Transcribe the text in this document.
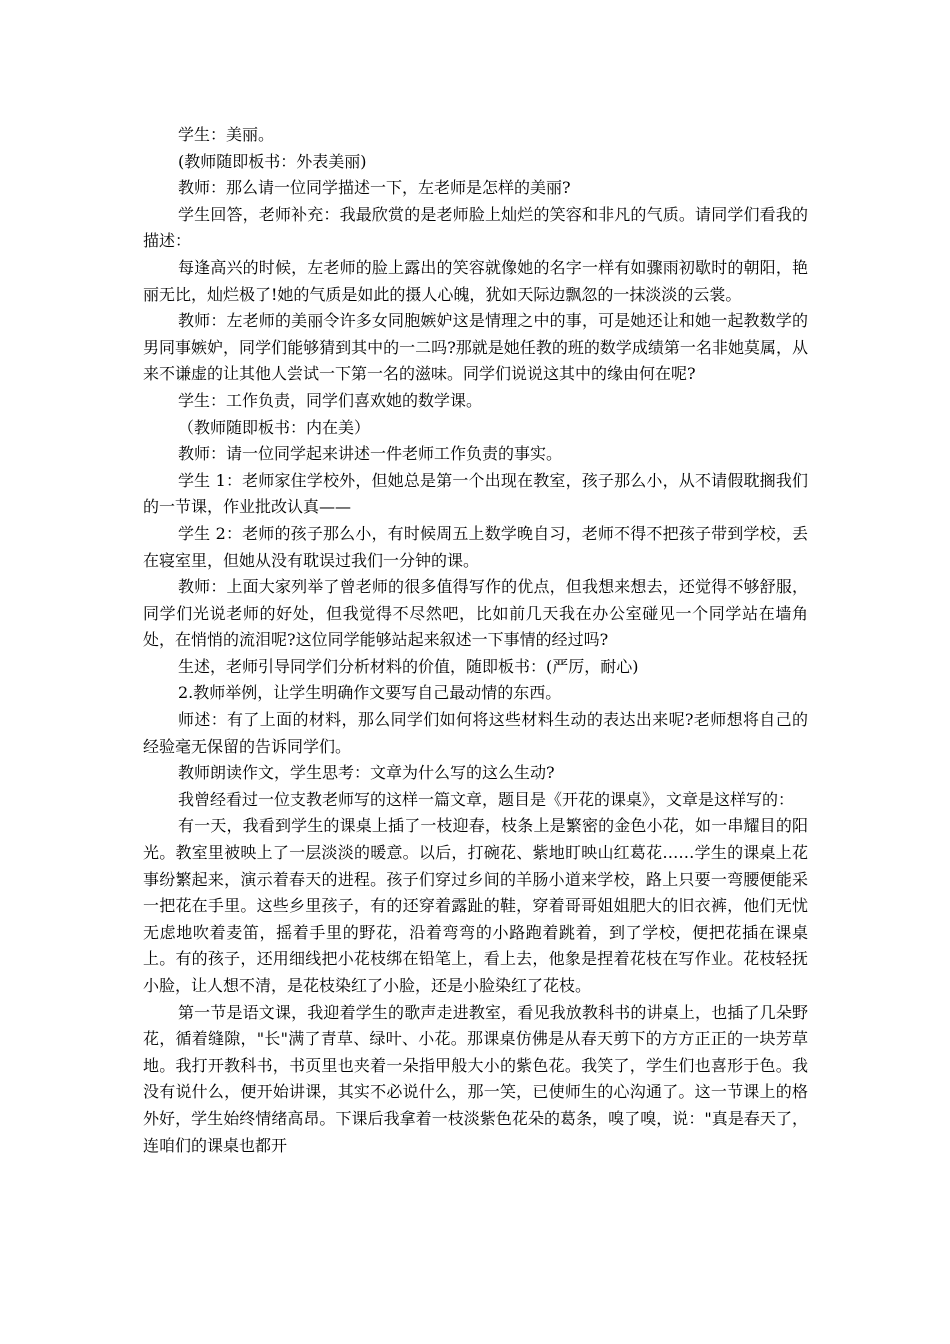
学生：美丽。

(教师随即板书：外表美丽)

教师：那么请一位同学描述一下，左老师是怎样的美丽?

学生回答，老师补充：我最欣赏的是老师脸上灿烂的笑容和非凡的气质。请同学们看我的描述：

每逢高兴的时候，左老师的脸上露出的笑容就像她的名字一样有如骤雨初歇时的朝阳，艳丽无比，灿烂极了!她的气质是如此的摄人心魄，犹如天际边飘忽的一抹淡淡的云裳。

教师：左老师的美丽令许多女同胞嫉妒这是情理之中的事，可是她还让和她一起教数学的男同事嫉妒，同学们能够猜到其中的一二吗?那就是她任教的班的数学成绩第一名非她莫属，从来不谦虚的让其他人尝试一下第一名的滋味。同学们说说这其中的缘由何在呢?

学生：工作负责，同学们喜欢她的数学课。

（教师随即板书：内在美）

教师：请一位同学起来讲述一件老师工作负责的事实。

学生 1：老师家住学校外，但她总是第一个出现在教室，孩子那么小，从不请假耽搁我们的一节课，作业批改认真——

学生 2：老师的孩子那么小，有时候周五上数学晚自习，老师不得不把孩子带到学校，丢在寝室里，但她从没有耽误过我们一分钟的课。

教师：上面大家列举了曾老师的很多值得写作的优点，但我想来想去，还觉得不够舒服，同学们光说老师的好处，但我觉得不尽然吧，比如前几天我在办公室碰见一个同学站在墙角处，在悄悄的流泪呢?这位同学能够站起来叙述一下事情的经过吗?

生述，老师引导同学们分析材料的价值，随即板书：(严厉，耐心)

2.教师举例，让学生明确作文要写自己最动情的东西。

师述：有了上面的材料，那么同学们如何将这些材料生动的表达出来呢?老师想将自己的经验毫无保留的告诉同学们。

教师朗读作文，学生思考：文章为什么写的这么生动?

我曾经看过一位支教老师写的这样一篇文章，题目是《开花的课桌》，文章是这样写的：

有一天，我看到学生的课桌上插了一枝迎春，枝条上是繁密的金色小花，如一串耀目的阳光。教室里被映上了一层淡淡的暖意。以后，打碗花、紫地盯映山红葛花……学生的课桌上花事纷繁起来，演示着春天的进程。孩子们穿过乡间的羊肠小道来学校，路上只要一弯腰便能采一把花在手里。这些乡里孩子，有的还穿着露趾的鞋，穿着哥哥姐姐肥大的旧衣裤，他们无忧无虑地吹着麦笛，摇着手里的野花，沿着弯弯的小路跑着跳着，到了学校，便把花插在课桌上。有的孩子，还用细线把小花枝绑在铅笔上，看上去，他象是捏着花枝在写作业。花枝轻抚小脸，让人想不清，是花枝染红了小脸，还是小脸染红了花枝。

第一节是语文课，我迎着学生的歌声走进教室，看见我放教科书的讲桌上，也插了几朵野花，循着缝隙，"长"满了青草、绿叶、小花。那课桌仿佛是从春天剪下的方方正正的一块芳草地。我打开教科书，书页里也夹着一朵指甲般大小的紫色花。我笑了，学生们也喜形于色。我没有说什么，便开始讲课，其实不必说什么，那一笑，已使师生的心沟通了。这一节课上的格外好，学生始终情绪高昂。下课后我拿着一枝淡紫色花朵的葛条，嗅了嗅，说："真是春天了，连咱们的课桌也都开
